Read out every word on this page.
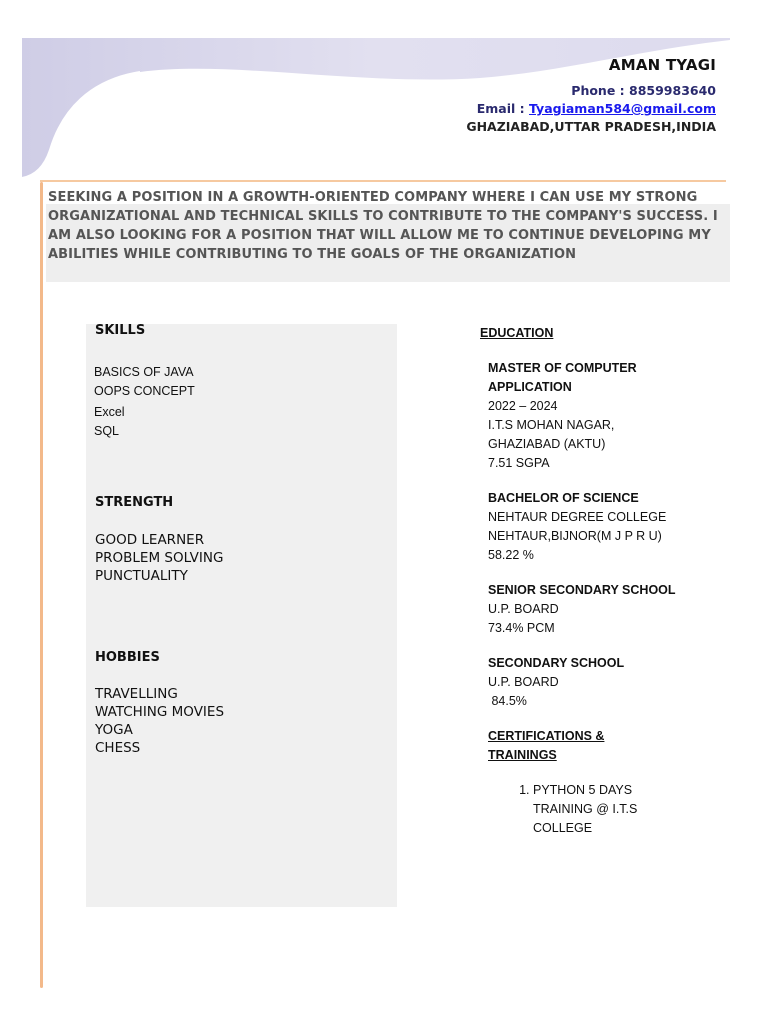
AMAN TYAGI
Phone : 8859983640
Email : Tyagiaman584@gmail.com
GHAZIABAD,UTTAR PRADESH,INDIA
SEEKING A POSITION IN A GROWTH-ORIENTED COMPANY WHERE I CAN USE MY STRONG ORGANIZATIONAL AND TECHNICAL SKILLS TO CONTRIBUTE TO THE COMPANY'S SUCCESS. I AM ALSO LOOKING FOR A POSITION THAT WILL ALLOW ME TO CONTINUE DEVELOPING MY ABILITIES WHILE CONTRIBUTING TO THE GOALS OF THE ORGANIZATION
SKILLS
BASICS OF JAVA
OOPS CONCEPT
Excel
SQL
STRENGTH
GOOD LEARNER
PROBLEM SOLVING
PUNCTUALITY
HOBBIES
TRAVELLING
WATCHING MOVIES
YOGA
CHESS
EDUCATION
MASTER OF COMPUTER
APPLICATION
2022 – 2024
I.T.S MOHAN NAGAR,
GHAZIABAD (AKTU)
7.51 SGPA
BACHELOR OF SCIENCE
NEHTAUR DEGREE COLLEGE
NEHTAUR,BIJNOR(M J P R U)
58.22 %
SENIOR SECONDARY SCHOOL
U.P. BOARD
73.4% PCM
SECONDARY SCHOOL
U.P. BOARD
84.5%
CERTIFICATIONS &
TRAININGS
1. PYTHON 5 DAYS
TRAINING @ I.T.S
COLLEGE
